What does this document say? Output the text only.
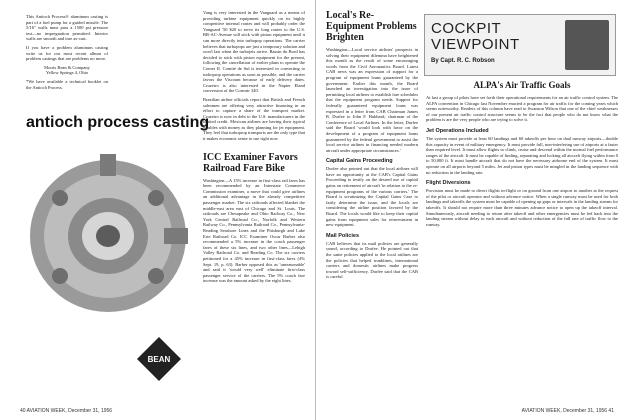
This Antioch Process® aluminum casting is part of a fuel pump for a guided missile. The 5/16" walls must pass a 1500 psi pressure test—no impregnation permitted. Interior walls are smooth and true as-cast.

If you have a problem aluminum casting write us for our most recent album of problem castings that are problems no more.

Morris Bean & Company

Yellow Springs 4, Ohio

*We have available a technical booklet on the Antioch Process.

antioch process casting
BEAN

Vang is very interested in the Vanguard as a means of providing turbine equipment quickly on its highly competitive internal routes and will probably order the Vanguard '50 $20 to serve its long routes to the U.S. RR-AC-Avenue will stick with piston equipment until it can more directly into turbopop operations. The carrier believes that turbopops are just a temporary solution and won't last when the turbojets arrive. Bassin du Bord has decided to stick with piston equipment for the present, following the cancellation of earlier plans to operate the Comet II. Comité de Sul is interested in converting to turboprop operations as soon as possible, and the carrier favors the Viscount because of early delivery dates. Cruzeiro is also interested in the Napier Eland conversion of the Convair 340.

Brazilian airline officials report that British and French salesmen are offering very attractive financing in an effort to capture a share of the transport market. Cruzeiro is now in debt to the U.S. manufacturers in the limited credit. Mexican airlines are having their typical troubles with money as they planning for jet equipment. They feel that turboprop transports are the only type that it makes economic sense to use right now.

ICC Examiner Favors Railroad Fare Bike

Washington—A 15% increase in first-class rail fares has been recommended by an Interstate Commerce Commission examiner, a move that could give airlines an additional advantage in the already competitive passenger market. The six railroads affected blanket the middle-east area east of Chicago and St. Louis. The railroads are Chesapeake and Ohio Railway Co., New York Central Railroad Co., Norfolk and Western Railway Co., Pennsylvania Railroad Co., Pennsylvania-Reading Seashore Lines and the Pittsburgh and Lake Erie Railroad Co. ICC Examiner Oscar Barber also recommended a 5% increase in the coach passenger fares of these six lines, and two other lines—Lehigh Valley Railroad Co. and Reading Co. The six carriers petitioned for a 45% increase in first-class fares (4% Sept. 19, p. 63). Barber opposed this as 'unreasonable' and said it 'would very well' eliminate first-class passenger service of the carriers. The 5% coach fare increase was the amount asked by the eight lines.

40 AVIATION WEEK, December 31, 1956
Local's Re-Equipment Problems Brighten

Washington—Local service airlines' prospects in solving their equipment dilemma have heightened this month as the result of some encouraging words from the Civil Aeronautics Board. Latest CAB news was an expression of support for a program of equipment loans guaranteed by the government. Earlier this month, the Board launched an investigation into the issue of permitting local airlines to establish fare schedules that the equipment program needs. Support for federally guaranteed equipment loans was expressed in a letter from CAB Chairman James R. Durfee to John F. Hubbard, chairman of the Conference of Local Airlines. In the letter, Durfee said the Board 'would look with favor on the development of a program of equipment loans guaranteed by the federal government to assist the local service airlines in financing needed modern aircraft under appropriate circumstances.'

Capital Gains Proceeding

Durfee also pointed out that the local airlines will have an opportunity at the CAB's Capital Gains Proceeding to testify on the desired use of capital gains on retirement of aircraft 'in relation to the re-equipment programs of the various carriers.' The Board is scrutinizing the Capital Gains Case to fairly determine the issue, and the locals are considering the airline position favored by the Board. The locals would like to keep their capital gains from equipment sales for reinvestment in new equipment.

Mail Policies

CAB believes that its mail policies are generally sound, according to Durfee. He pointed out that the same policies applied to the local airlines are the policies that helped trunklines, international carriers and domestic airlines make progress toward self-sufficiency. Durfee said that the CAB is careful

COCKPIT
VIEWPOINT
By Capt. R. C. Robson
ALPA's Air Traffic Goals

At last a group of pilots have set forth their operational requirements for an air traffic control system. The ALPA convention in Chicago last November enacted a program for air traffic for the coming years which seems noteworthy. Readers of this column have read to Swanson Wilson that one of the chief weaknesses of our present air traffic control structure seems to be the fact that people who do not know what the problem is are the very people who are trying to solve it.

Jet Operations Included

The system must provide at least 60 landings and 60 takeoffs per hour on dual runway airports—double this capacity in event of military emergency. It must provide full, non-interfering use of airports at a faster than required level. It must allow flights to climb, cruise and descend within the normal fuel performance ranges of the aircraft. It must be capable of finding, separating and locking all aircraft flying within from 0 to 50,000 ft. It must handle aircraft that do not have the necessary airborne end of the system. It must operate on all airports beyond 5 miles. Jet and piston types must be mingled in the landing sequence with no reduction in the landing rate.

Flight Diversions

Provision must be made to divert flights in-flight or on ground from one airport to another at the request of the pilot or aircraft operator and without advance notice. When a single runway must be used for both landings and takeoffs the system must be capable of opening up gaps or intervals in the landing stream for takeoffs. It should not require more than three minutes advance notice to open up the takeoff interval. Simultaneously, aircraft needing to return after takeoff and other emergencies must be fed back into the landing stream without delay to each aircraft and without reduction of the full rate of traffic flow to the runway.

AVIATION WEEK, December 31, 1956 41
